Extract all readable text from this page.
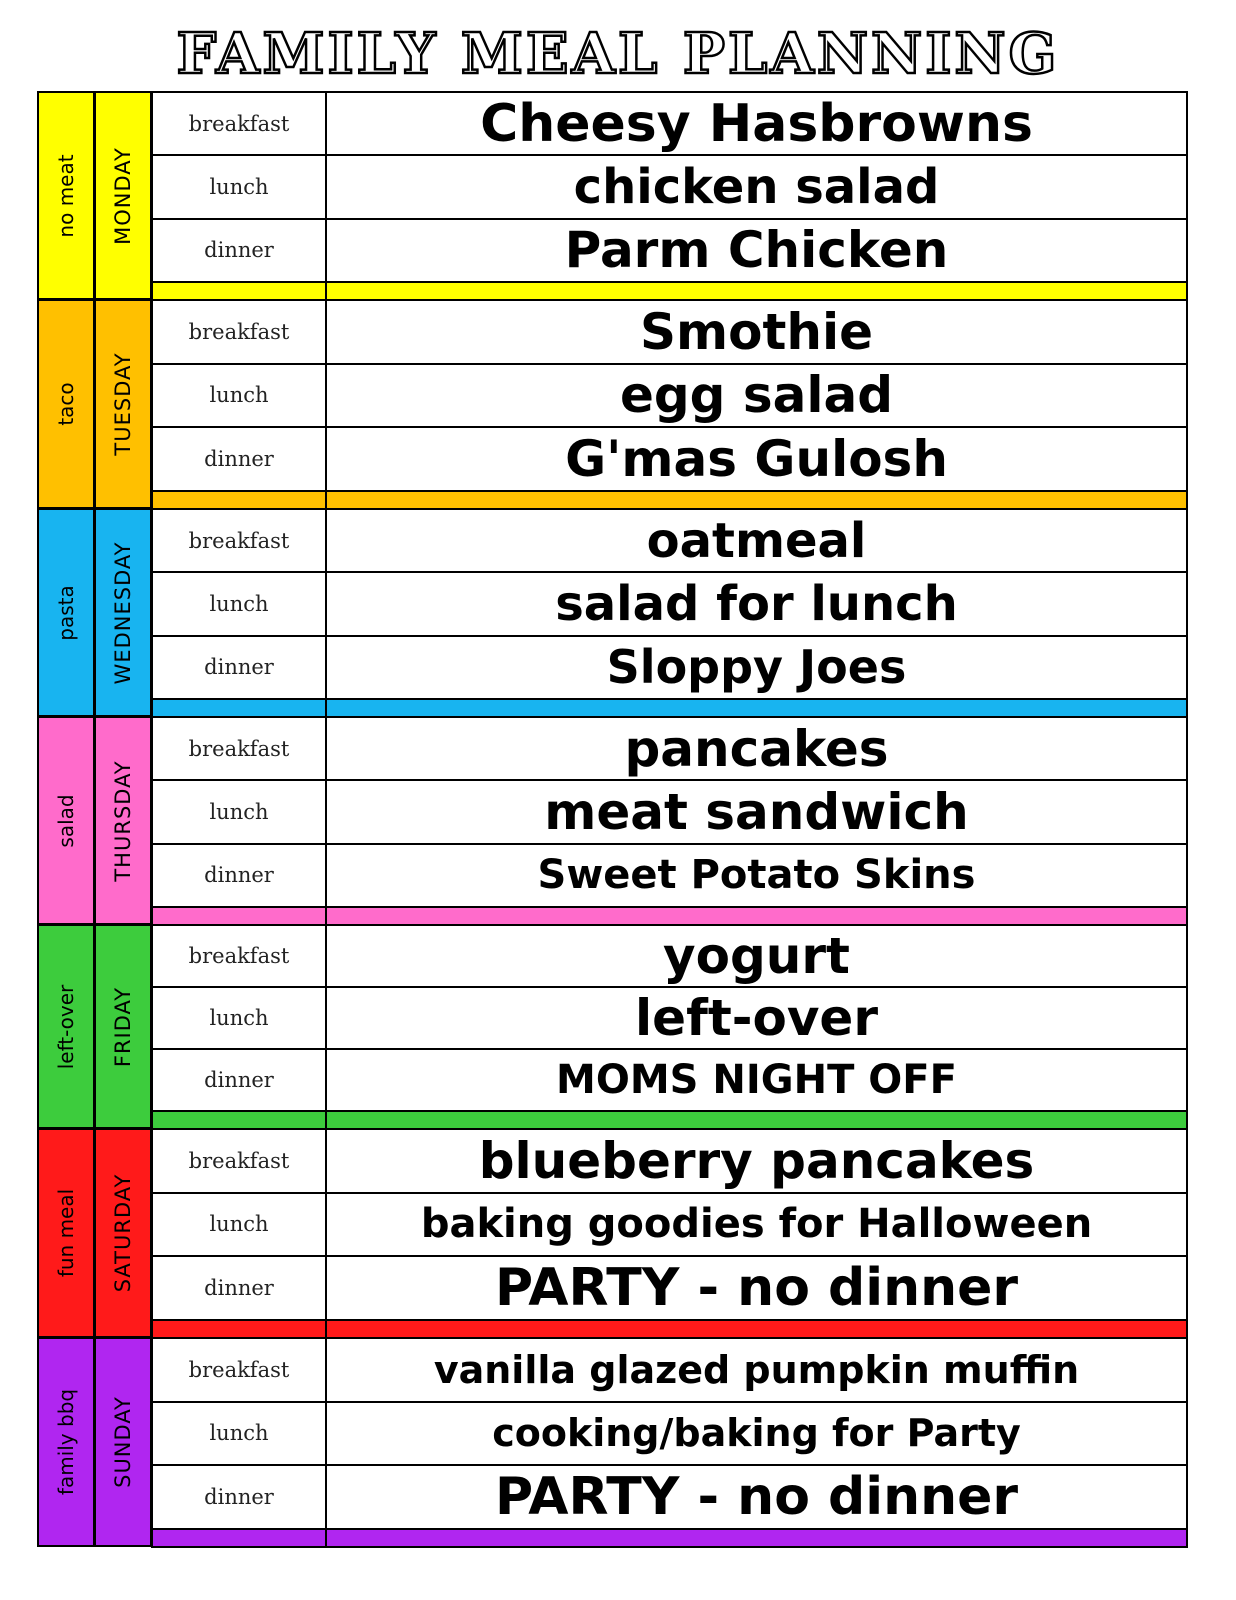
FAMILY MEAL PLANNING
no meat MONDAY
breakfast	Cheesy Hasbrowns
lunch	chicken salad
dinner	Parm Chicken
taco TUESDAY
breakfast	Smothie
lunch	egg salad
dinner	G'mas Gulosh
pasta WEDNESDAY
breakfast	oatmeal
lunch	salad for lunch
dinner	Sloppy Joes
salad THURSDAY
breakfast	pancakes
lunch	meat sandwich
dinner	Sweet Potato Skins
left-over FRIDAY
breakfast	yogurt
lunch	left-over
dinner	MOMS NIGHT OFF
fun meal SATURDAY
breakfast	blueberry pancakes
lunch	baking goodies for Halloween
dinner	PARTY - no dinner
family bbq SUNDAY
breakfast	vanilla glazed pumpkin muffin
lunch	cooking/baking for Party
dinner	PARTY - no dinner
